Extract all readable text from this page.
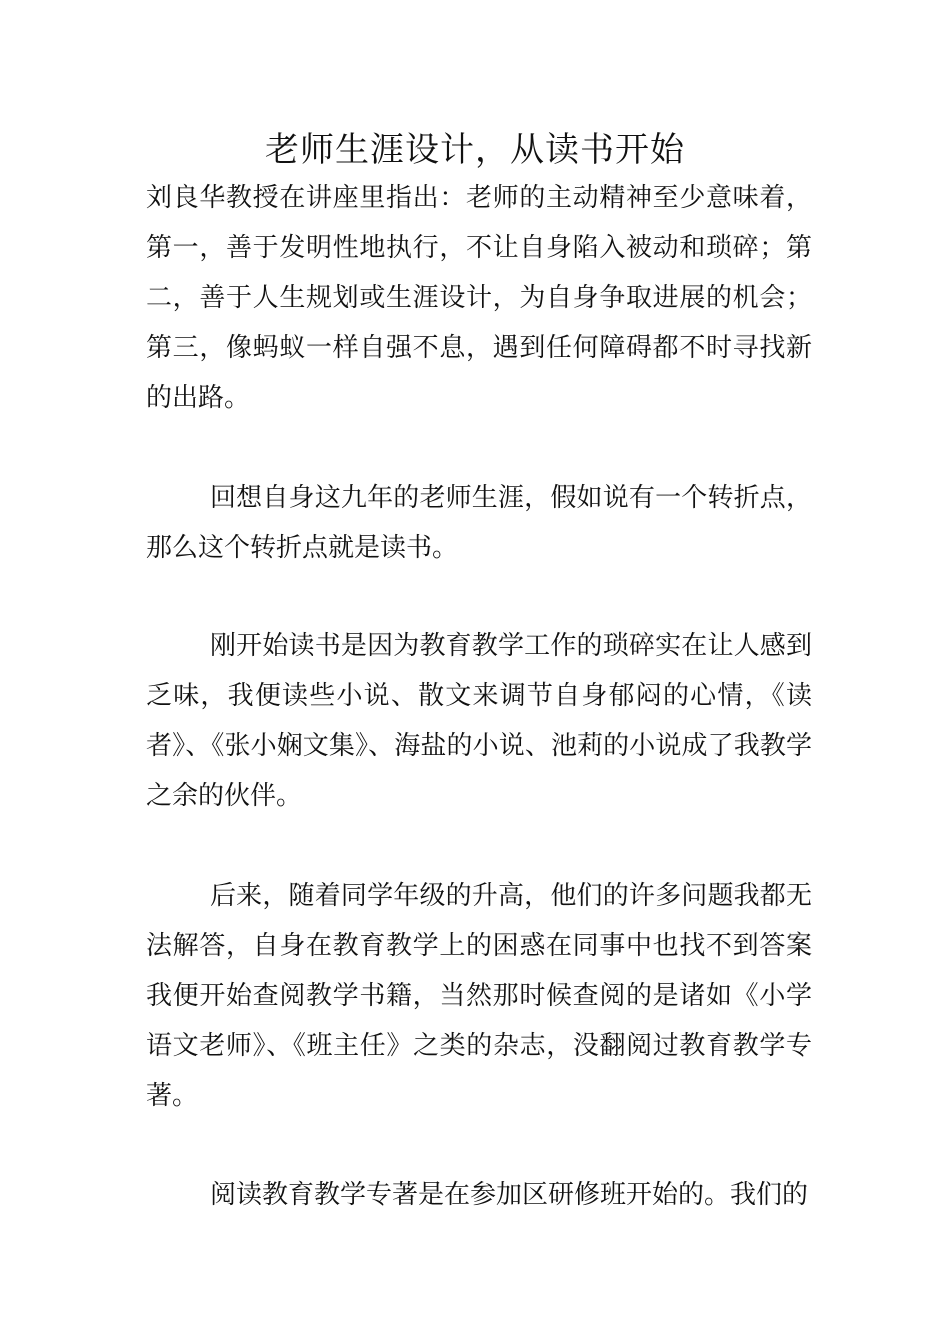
老师生涯设计，从读书开始

刘良华教授在讲座里指出：老师的主动精神至少意味着，第一，善于发明性地执行，不让自身陷入被动和琐碎；第二，善于人生规划或生涯设计，为自身争取进展的机会；第三，像蚂蚁一样自强不息，遇到任何障碍都不时寻找新的出路。

回想自身这九年的老师生涯，假如说有一个转折点，那么这个转折点就是读书。

刚开始读书是因为教育教学工作的琐碎实在让人感到乏味，我便读些小说、散文来调节自身郁闷的心情，《读者》、《张小娴文集》、海盐的小说、池莉的小说成了我教学之余的伙伴。

后来，随着同学年级的升高，他们的许多问题我都无法解答，自身在教育教学上的困惑在同事中也找不到答案我便开始查阅教学书籍，当然那时候查阅的是诸如《小学语文老师》、《班主任》之类的杂志，没翻阅过教育教学专著。

阅读教育教学专著是在参加区研修班开始的。我们的
